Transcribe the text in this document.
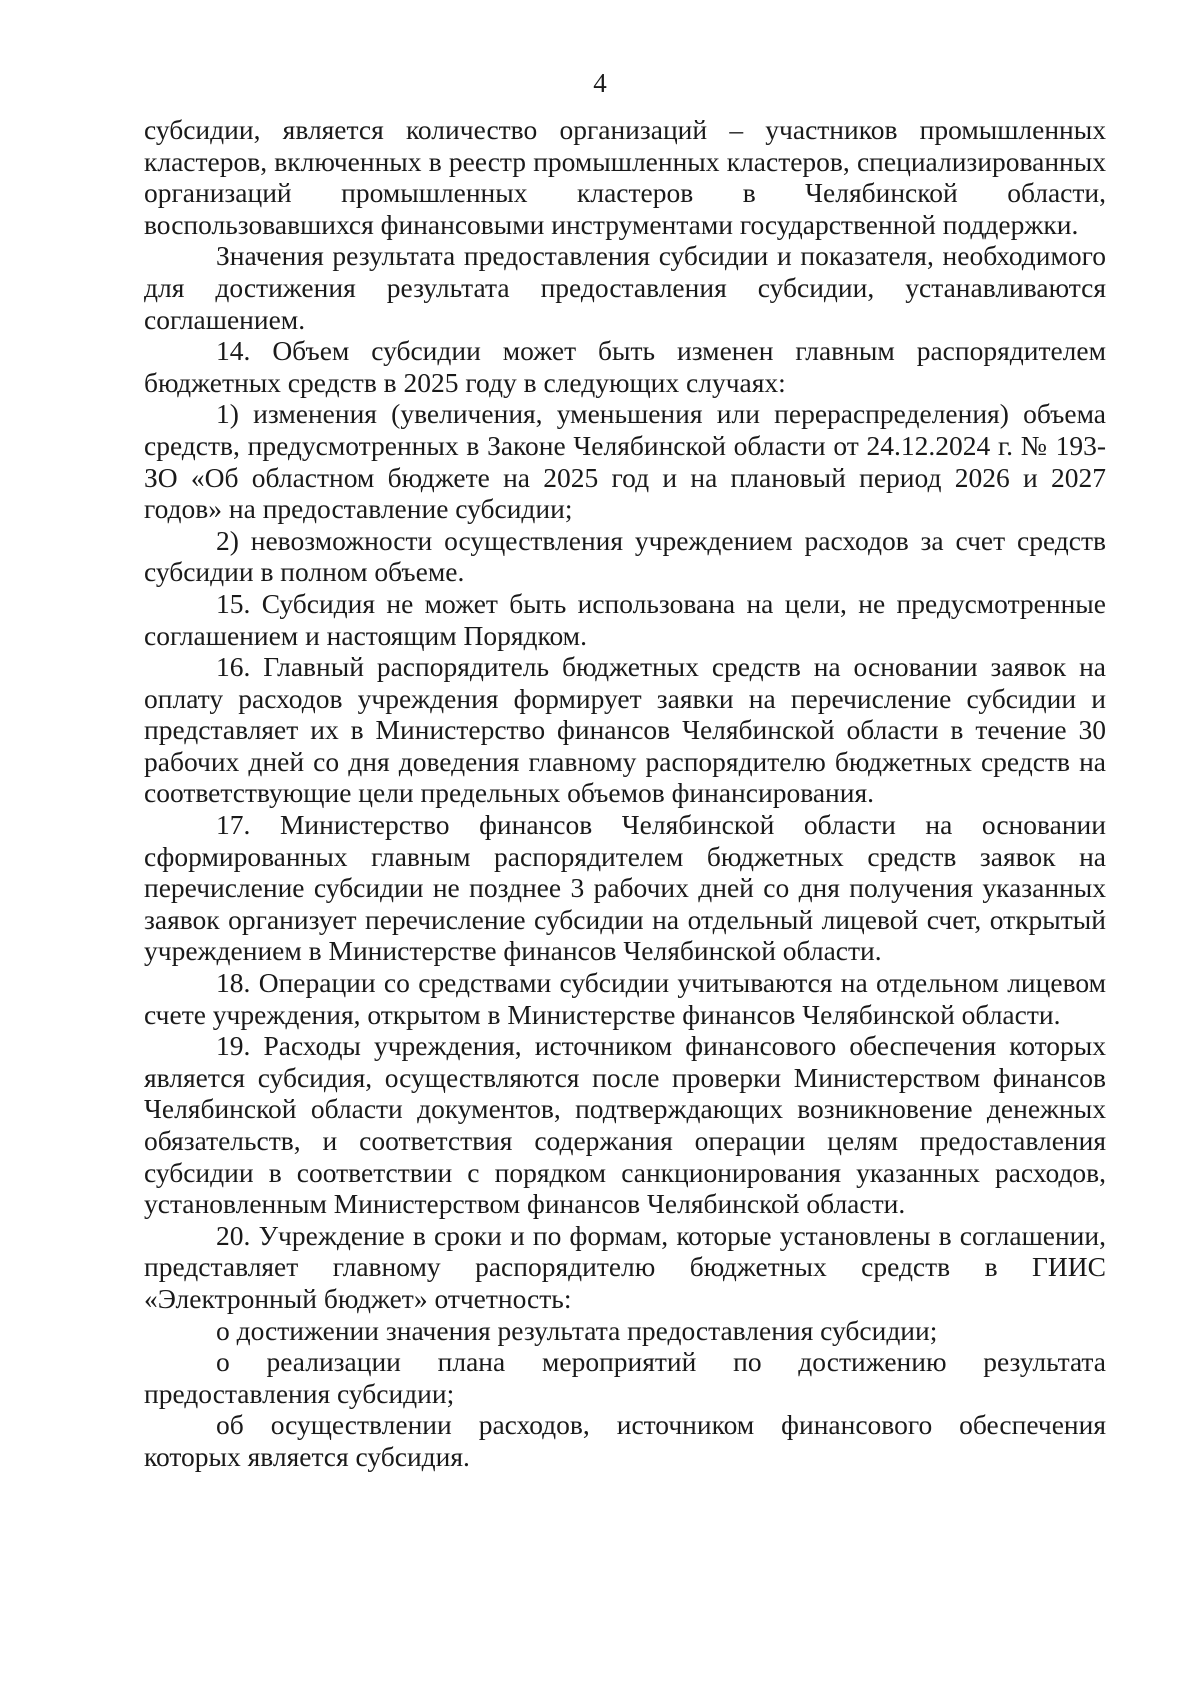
4

субсидии, является количество организаций – участников промышленных кластеров, включенных в реестр промышленных кластеров, специализированных организаций промышленных кластеров в Челябинской области, воспользовавшихся финансовыми инструментами государственной поддержки.

Значения результата предоставления субсидии и показателя, необходимого для достижения результата предоставления субсидии, устанавливаются соглашением.

14. Объем субсидии может быть изменен главным распорядителем бюджетных средств в 2025 году в следующих случаях:

1) изменения (увеличения, уменьшения или перераспределения) объема средств, предусмотренных в Законе Челябинской области от 24.12.2024 г. № 193-ЗО «Об областном бюджете на 2025 год и на плановый период 2026 и 2027 годов» на предоставление субсидии;

2) невозможности осуществления учреждением расходов за счет средств субсидии в полном объеме.

15. Субсидия не может быть использована на цели, не предусмотренные соглашением и настоящим Порядком.

16. Главный распорядитель бюджетных средств на основании заявок на оплату расходов учреждения формирует заявки на перечисление субсидии и представляет их в Министерство финансов Челябинской области в течение 30 рабочих дней со дня доведения главному распорядителю бюджетных средств на соответствующие цели предельных объемов финансирования.

17. Министерство финансов Челябинской области на основании сформированных главным распорядителем бюджетных средств заявок на перечисление субсидии не позднее 3 рабочих дней со дня получения указанных заявок организует перечисление субсидии на отдельный лицевой счет, открытый учреждением в Министерстве финансов Челябинской области.

18. Операции со средствами субсидии учитываются на отдельном лицевом счете учреждения, открытом в Министерстве финансов Челябинской области.

19. Расходы учреждения, источником финансового обеспечения которых является субсидия, осуществляются после проверки Министерством финансов Челябинской области документов, подтверждающих возникновение денежных обязательств, и соответствия содержания операции целям предоставления субсидии в соответствии с порядком санкционирования указанных расходов, установленным Министерством финансов Челябинской области.

20. Учреждение в сроки и по формам, которые установлены в соглашении, представляет главному распорядителю бюджетных средств в ГИИС «Электронный бюджет» отчетность:

о достижении значения результата предоставления субсидии;

о реализации плана мероприятий по достижению результата предоставления субсидии;

об осуществлении расходов, источником финансового обеспечения которых является субсидия.
